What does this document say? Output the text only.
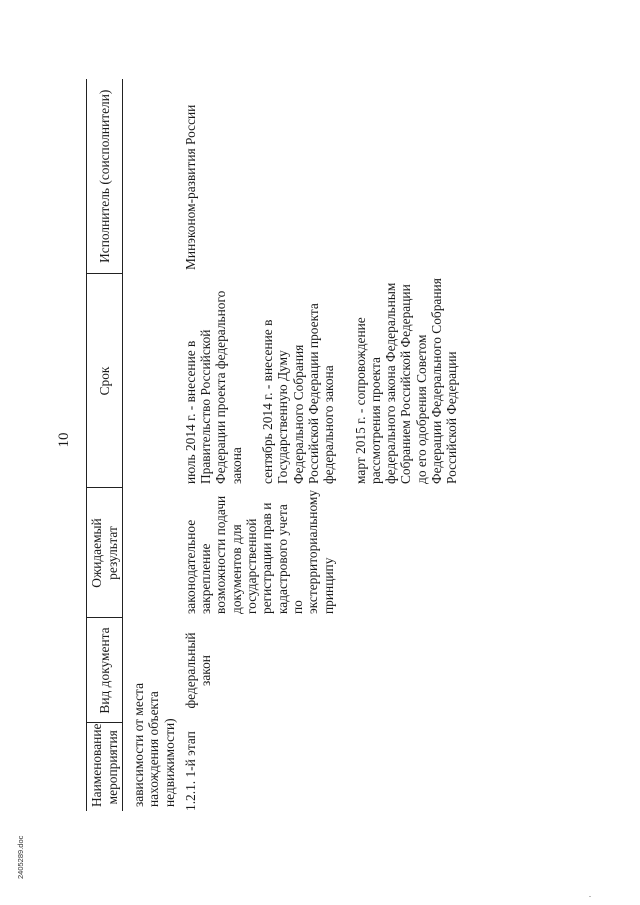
10
Наименование мероприятия	Вид документа	Ожидаемый результат	Срок	Исполнитель (соисполнители)

зависимости от места нахождения объекта недвижимости)				

1.2.1. 1-й этап	федеральный закон	законодательное закрепление возможности подачи документов для государственной регистрации прав и кадастрового учета по экстерриториальному принципу	июль 2014 г. - внесение в Правительство Российской Федерации проекта федерального закона сентябрь 2014 г. - внесение в Государственную Думу Федерального Собрания Российской Федерации проекта федерального закона март 2015 г. - сопровождение рассмотрения проекта федерального закона Федеральным Собранием Российской Федерации до его одобрения Советом Федерации Федерального Собрания Российской Федерации	Минэконом-развития России
2405289.doc
